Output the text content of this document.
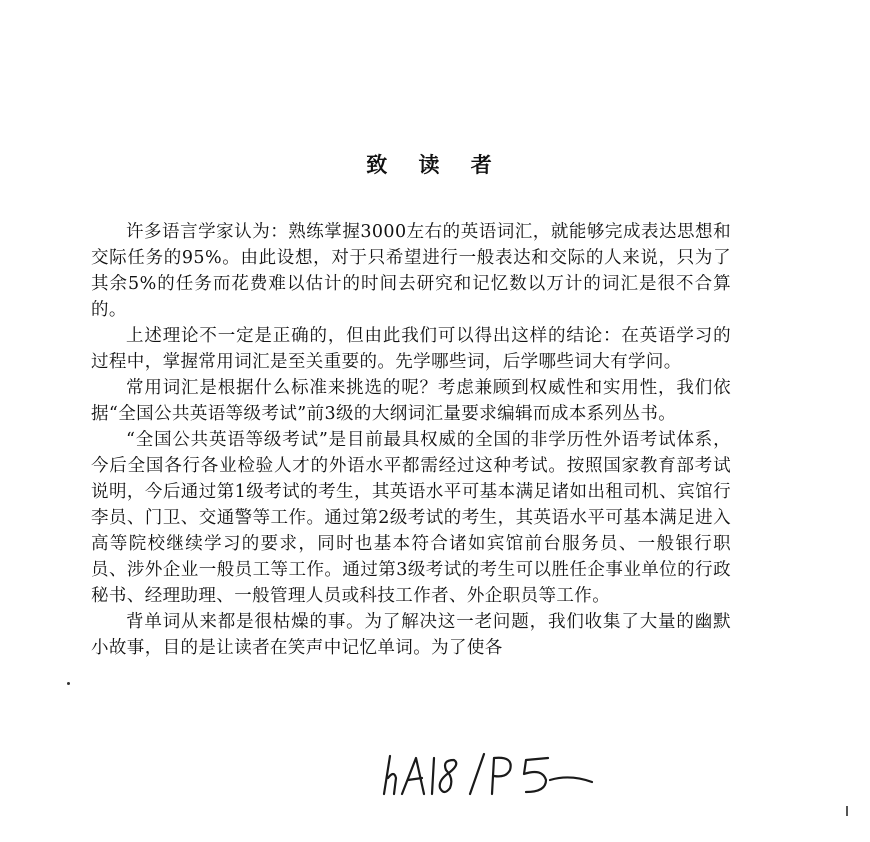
致 读 者

许多语言学家认为：熟练掌握3000左右的英语词汇，就能够完成表达思想和交际任务的95%。由此设想，对于只希望进行一般表达和交际的人来说，只为了其余5%的任务而花费难以估计的时间去研究和记忆数以万计的词汇是很不合算的。

上述理论不一定是正确的，但由此我们可以得出这样的结论：在英语学习的过程中，掌握常用词汇是至关重要的。先学哪些词，后学哪些词大有学问。

常用词汇是根据什么标准来挑选的呢？考虑兼顾到权威性和实用性，我们依据“全国公共英语等级考试”前3级的大纲词汇量要求编辑而成本系列丛书。

“全国公共英语等级考试”是目前最具权威的全国的非学历性外语考试体系，今后全国各行各业检验人才的外语水平都需经过这种考试。按照国家教育部考试说明，今后通过第1级考试的考生，其英语水平可基本满足诸如出租司机、宾馆行李员、门卫、交通警等工作。通过第2级考试的考生，其英语水平可基本满足进入高等院校继续学习的要求，同时也基本符合诸如宾馆前台服务员、一般银行职员、涉外企业一般员工等工作。通过第3级考试的考生可以胜任企事业单位的行政秘书、经理助理、一般管理人员或科技工作者、外企职员等工作。

背单词从来都是很枯燥的事。为了解决这一老问题，我们收集了大量的幽默小故事，目的是让读者在笑声中记忆单词。为了使各
